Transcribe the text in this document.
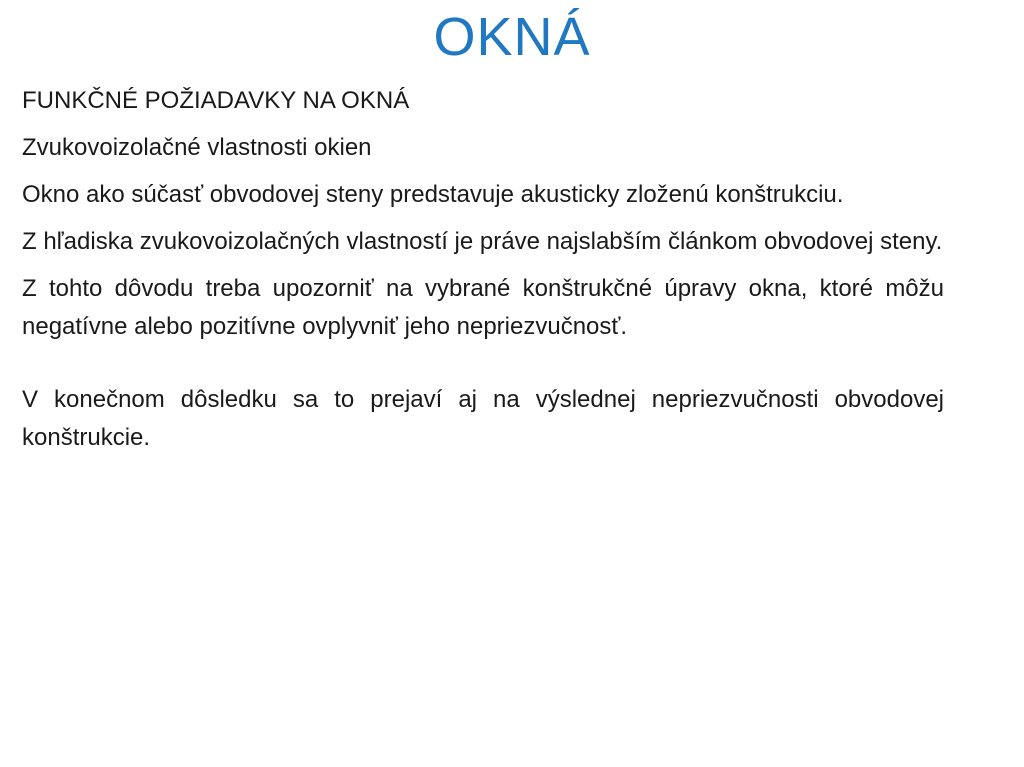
OKNÁ

FUNKČNÉ POŽIADAVKY NA OKNÁ

Zvukovoizolačné vlastnosti okien

Okno ako súčasť obvodovej steny predstavuje akusticky zloženú konštrukciu.

Z hľadiska zvukovoizolačných vlastností je práve najslabším článkom obvodovej steny.

Z tohto dôvodu treba upozorniť na vybrané konštrukčné úpravy okna, ktoré môžu negatívne alebo pozitívne ovplyvniť jeho nepriezvučnosť.

V konečnom dôsledku sa to prejaví aj na výslednej nepriezvučnosti obvodovej konštrukcie.
